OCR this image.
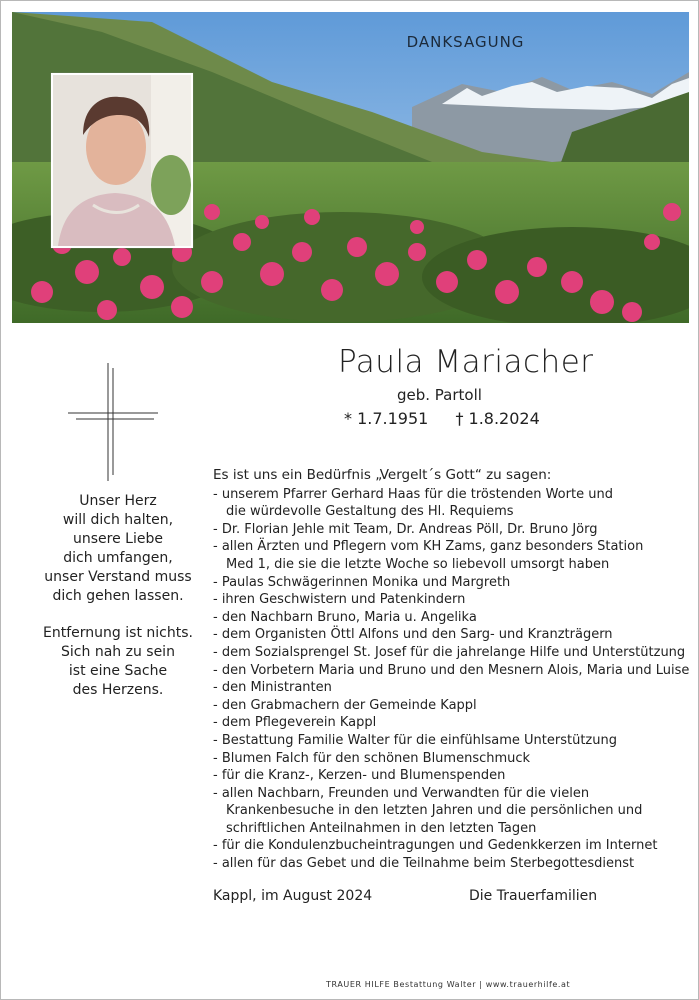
DANKSAGUNG
Paula Mariacher
geb. Partoll
* 1.7.1951 † 1.8.2024
Unser Herz
will dich halten,
unsere Liebe
dich umfangen,
unser Verstand muss
dich gehen lassen.
Entfernung ist nichts.
Sich nah zu sein
ist eine Sache
des Herzens.
Es ist uns ein Bedürfnis „Vergelt´s Gott“ zu sagen:
- unserem Pfarrer Gerhard Haas für die tröstenden Worte und
die würdevolle Gestaltung des Hl. Requiems
- Dr. Florian Jehle mit Team, Dr. Andreas Pöll, Dr. Bruno Jörg
- allen Ärzten und Pflegern vom KH Zams, ganz besonders Station
Med 1, die sie die letzte Woche so liebevoll umsorgt haben
- Paulas Schwägerinnen Monika und Margreth
- ihren Geschwistern und Patenkindern
- den Nachbarn Bruno, Maria u. Angelika
- dem Organisten Öttl Alfons und den Sarg- und Kranzträgern
- dem Sozialsprengel St. Josef für die jahrelange Hilfe und Unterstützung
- den Vorbetern Maria und Bruno und den Mesnern Alois, Maria und Luise
- den Ministranten
- den Grabmachern der Gemeinde Kappl
- dem Pflegeverein Kappl
- Bestattung Familie Walter für die einfühlsame Unterstützung
- Blumen Falch für den schönen Blumenschmuck
- für die Kranz-, Kerzen- und Blumenspenden
- allen Nachbarn, Freunden und Verwandten für die vielen
Krankenbesuche in den letzten Jahren und die persönlichen und
schriftlichen Anteilnahmen in den letzten Tagen
- für die Kondulenzbucheintragungen und Gedenkkerzen im Internet
- allen für das Gebet und die Teilnahme beim Sterbegottesdienst
Kappl, im August 2024	Die Trauerfamilien
TRAUER HILFE Bestattung Walter | www.trauerhilfe.at
